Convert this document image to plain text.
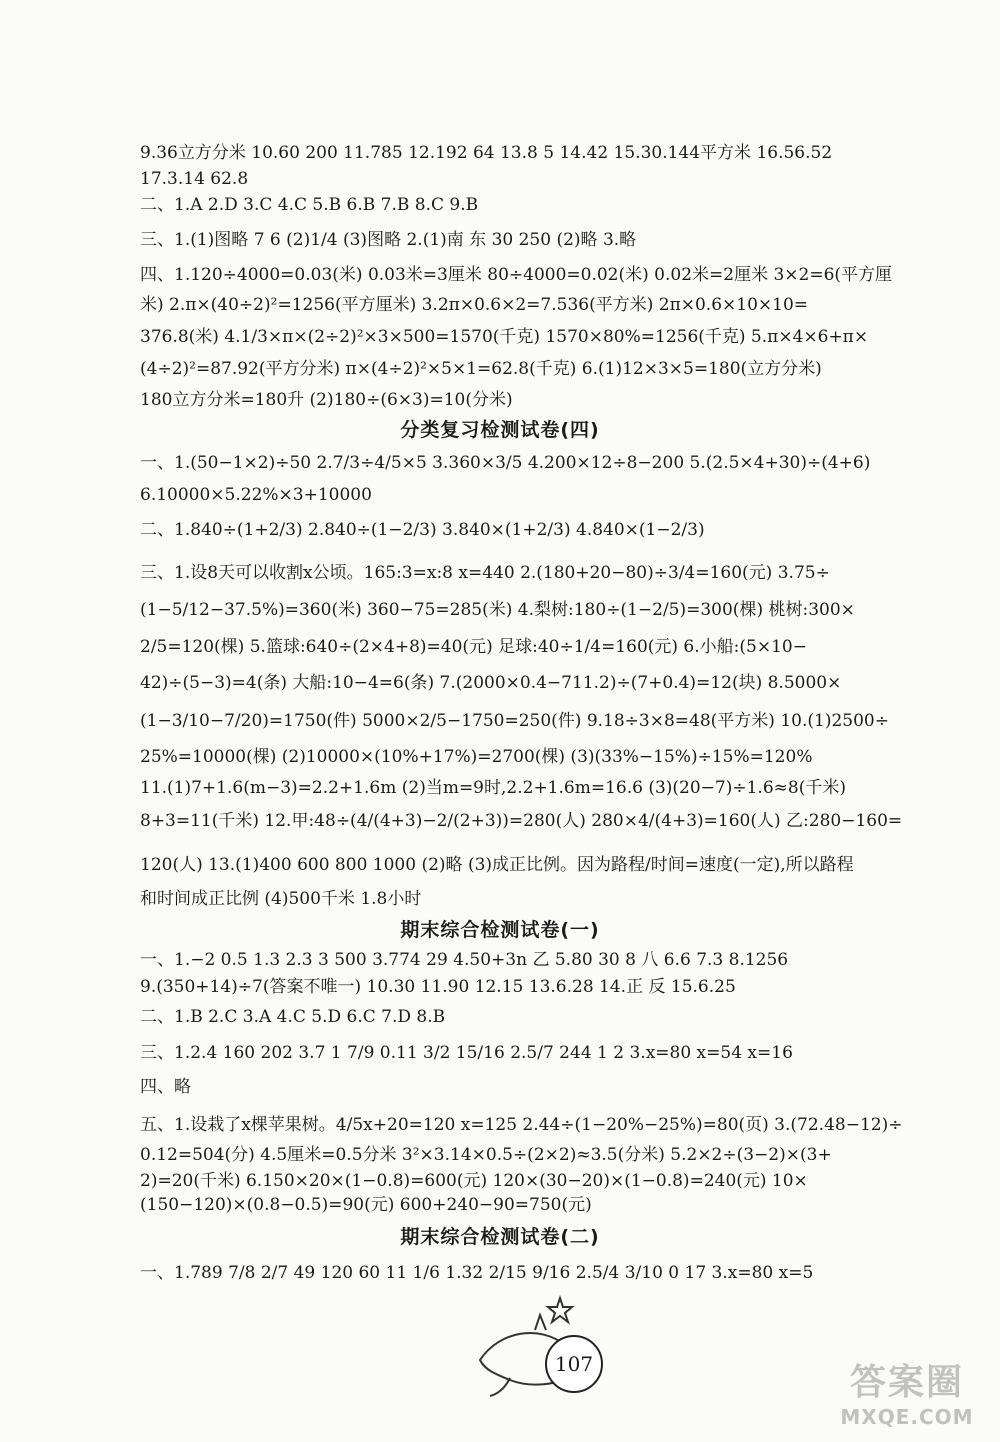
9.36立方分米 10.60 200 11.785 12.192 64 13.8 5 14.42 15.30.144平方米 16.56.52
17.3.14 62.8
二、1.A 2.D 3.C 4.C 5.B 6.B 7.B 8.C 9.B
三、1.(1)图略 7 6 (2)1/4 (3)图略 2.(1)南 东 30 250 (2)略 3.略
四、1.120÷4000=0.03(米) 0.03米=3厘米 80÷4000=0.02(米) 0.02米=2厘米 3×2=6(平方厘
米) 2.π×(40÷2)²=1256(平方厘米) 3.2π×0.6×2=7.536(平方米) 2π×0.6×10×10=
376.8(米) 4.1/3×π×(2÷2)²×3×500=1570(千克) 1570×80%=1256(千克) 5.π×4×6+π×
(4÷2)²=87.92(平方分米) π×(4÷2)²×5×1=62.8(千克) 6.(1)12×3×5=180(立方分米)
180立方分米=180升 (2)180÷(6×3)=10(分米)
分类复习检测试卷(四)
一、1.(50−1×2)÷50 2.7/3÷4/5×5 3.360×3/5 4.200×12÷8−200 5.(2.5×4+30)÷(4+6)
6.10000×5.22%×3+10000
二、1.840÷(1+2/3) 2.840÷(1−2/3) 3.840×(1+2/3) 4.840×(1−2/3)
三、1.设8天可以收割x公顷。165:3=x:8 x=440 2.(180+20−80)÷3/4=160(元) 3.75÷
(1−5/12−37.5%)=360(米) 360−75=285(米) 4.梨树:180÷(1−2/5)=300(棵) 桃树:300×
2/5=120(棵) 5.篮球:640÷(2×4+8)=40(元) 足球:40÷1/4=160(元) 6.小船:(5×10−
42)÷(5−3)=4(条) 大船:10−4=6(条) 7.(2000×0.4−711.2)÷(7+0.4)=12(块) 8.5000×
(1−3/10−7/20)=1750(件) 5000×2/5−1750=250(件) 9.18÷3×8=48(平方米) 10.(1)2500÷
25%=10000(棵) (2)10000×(10%+17%)=2700(棵) (3)(33%−15%)÷15%=120%
11.(1)7+1.6(m−3)=2.2+1.6m (2)当m=9时,2.2+1.6m=16.6 (3)(20−7)÷1.6≈8(千米)
8+3=11(千米) 12.甲:48÷(4/(4+3)−2/(2+3))=280(人) 280×4/(4+3)=160(人) 乙:280−160=
120(人) 13.(1)400 600 800 1000 (2)略 (3)成正比例。因为路程/时间=速度(一定),所以路程
和时间成正比例 (4)500千米 1.8小时
期末综合检测试卷(一)
一、1.−2 0.5 1.3 2.3 3 500 3.774 29 4.50+3n 乙 5.80 30 8 八 6.6 7.3 8.1256
9.(350+14)÷7(答案不唯一) 10.30 11.90 12.15 13.6.28 14.正 反 15.6.25
二、1.B 2.C 3.A 4.C 5.D 6.C 7.D 8.B
三、1.2.4 160 202 3.7 1 7/9 0.11 3/2 15/16 2.5/7 244 1 2 3.x=80 x=54 x=16
四、略
五、1.设栽了x棵苹果树。4/5x+20=120 x=125 2.44÷(1−20%−25%)=80(页) 3.(72.48−12)÷
0.12=504(分) 4.5厘米=0.5分米 3²×3.14×0.5÷(2×2)≈3.5(分米) 5.2×2÷(3−2)×(3+
2)=20(千米) 6.150×20×(1−0.8)=600(元) 120×(30−20)×(1−0.8)=240(元) 10×
(150−120)×(0.8−0.5)=90(元) 600+240−90=750(元)
期末综合检测试卷(二)
一、1.789 7/8 2/7 49 120 60 11 1/6 1.32 2/15 9/16 2.5/4 3/10 0 17 3.x=80 x=5
107	答案圈
MXQE.COM
